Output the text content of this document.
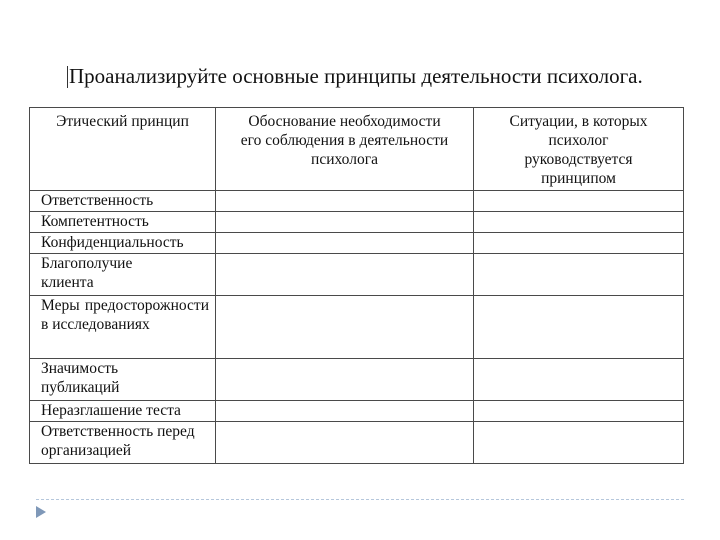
Проанализируйте основные принципы деятельности психолога.
Этический принцип	Обоснование необходимости его соблюдения в деятельности психолога	Ситуации, в которых психолог руководствуется принципом
Ответственность		
Компетентность		
Конфиденциальность		
Благополучие клиента		
Меры предосторожности в исследованиях		
Значимость публикаций		
Неразглашение теста		
Ответственность перед организацией		
